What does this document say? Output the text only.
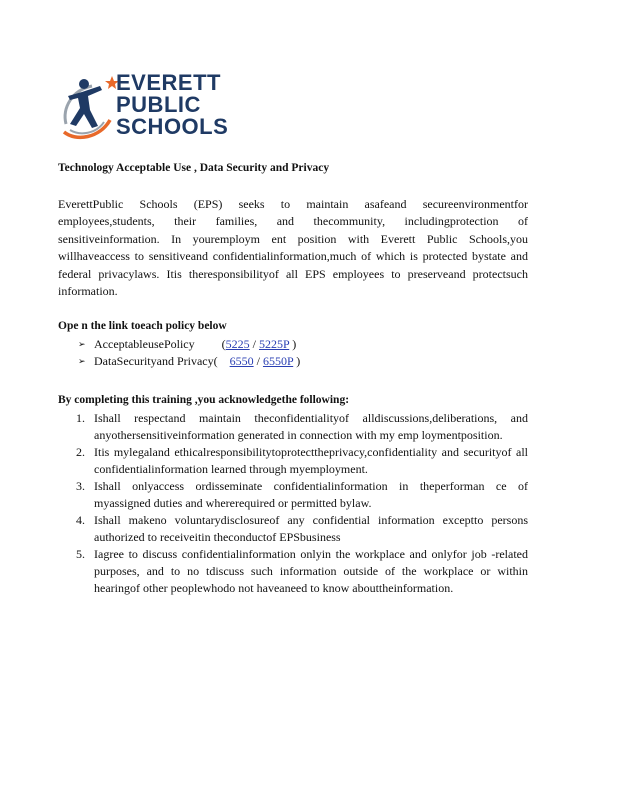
EVERETT
PUBLIC
SCHOOLS
Technology Acceptable Use , Data Security and Privacy
EverettPublic Schools (EPS) seeks to maintain asafeand secureenvironmentfor employees,students, their families, and thecommunity, includingprotection of sensitiveinformation. In youremploym ent position with Everett Public Schools,you willhaveaccess to sensitiveand confidentialinformation,much of which is protected bystate and federal privacylaws. Itis theresponsibilityof all EPS employees to preserveand protectsuch information.
Ope n the link toeach policy below
➢ AcceptableusePolicy (5225 / 5225P )
➢ DataSecurityand Privacy( 6550 / 6550P )
By completing this training ,you acknowledgethe following:
1. Ishall respectand maintain theconfidentialityof alldiscussions,deliberations, and anyothersensitiveinformation generated in connection with my emp loymentposition.
2. Itis mylegaland ethicalresponsibilitytoprotecttheprivacy,confidentiality and securityof all confidentialinformation learned through myemployment.
3. Ishall onlyaccess ordisseminate confidentialinformation in theperforman ce of myassigned duties and whererequired or permitted bylaw.
4. Ishall makeno voluntarydisclosureof any confidential information exceptto persons authorized to receiveitin theconductof EPSbusiness
5. Iagree to discuss confidentialinformation onlyin the workplace and onlyfor job -related purposes, and to no tdiscuss such information outside of the workplace or within hearingof other peoplewhodo not haveaneed to know abouttheinformation.
